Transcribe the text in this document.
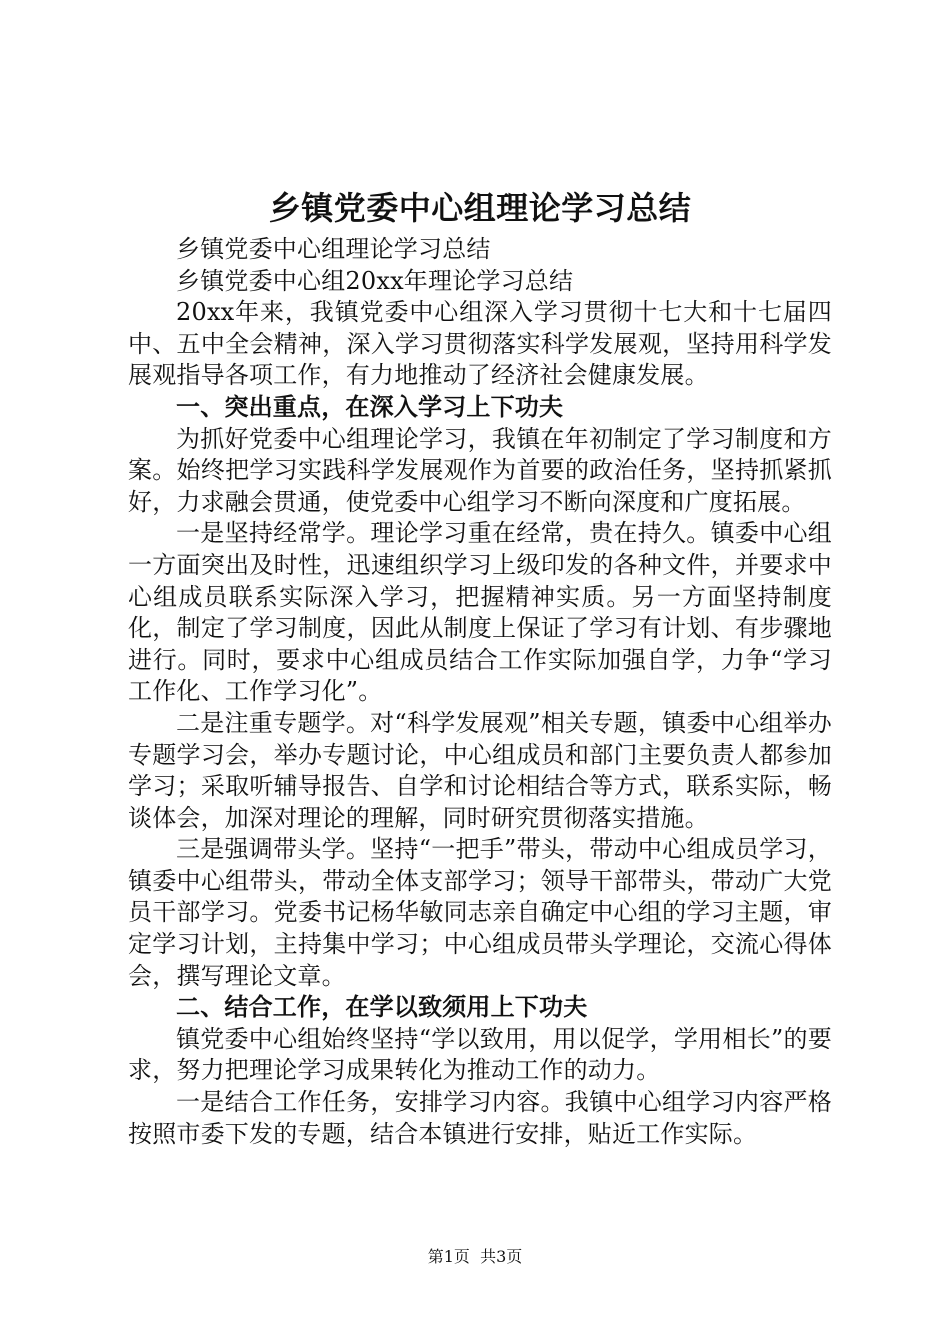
乡镇党委中心组理论学习总结

乡镇党委中心组理论学习总结

乡镇党委中心组20xx年理论学习总结

20xx年来，我镇党委中心组深入学习贯彻十七大和十七届四中、五中全会精神，深入学习贯彻落实科学发展观，坚持用科学发展观指导各项工作，有力地推动了经济社会健康发展。

一、突出重点，在深入学习上下功夫

为抓好党委中心组理论学习，我镇在年初制定了学习制度和方案。始终把学习实践科学发展观作为首要的政治任务，坚持抓紧抓好，力求融会贯通，使党委中心组学习不断向深度和广度拓展。

一是坚持经常学。理论学习重在经常，贵在持久。镇委中心组一方面突出及时性，迅速组织学习上级印发的各种文件，并要求中心组成员联系实际深入学习，把握精神实质。另一方面坚持制度化，制定了学习制度，因此从制度上保证了学习有计划、有步骤地进行。同时，要求中心组成员结合工作实际加强自学，力争“学习工作化、工作学习化”。

二是注重专题学。对“科学发展观”相关专题，镇委中心组举办专题学习会，举办专题讨论，中心组成员和部门主要负责人都参加学习；采取听辅导报告、自学和讨论相结合等方式，联系实际，畅谈体会，加深对理论的理解，同时研究贯彻落实措施。

三是强调带头学。坚持“一把手”带头，带动中心组成员学习，镇委中心组带头，带动全体支部学习；领导干部带头，带动广大党员干部学习。党委书记杨华敏同志亲自确定中心组的学习主题，审定学习计划，主持集中学习；中心组成员带头学理论，交流心得体会，撰写理论文章。

二、结合工作，在学以致须用上下功夫

镇党委中心组始终坚持“学以致用，用以促学，学用相长”的要求，努力把理论学习成果转化为推动工作的动力。

一是结合工作任务，安排学习内容。我镇中心组学习内容严格按照市委下发的专题，结合本镇进行安排，贴近工作实际。

第1页  共3页
